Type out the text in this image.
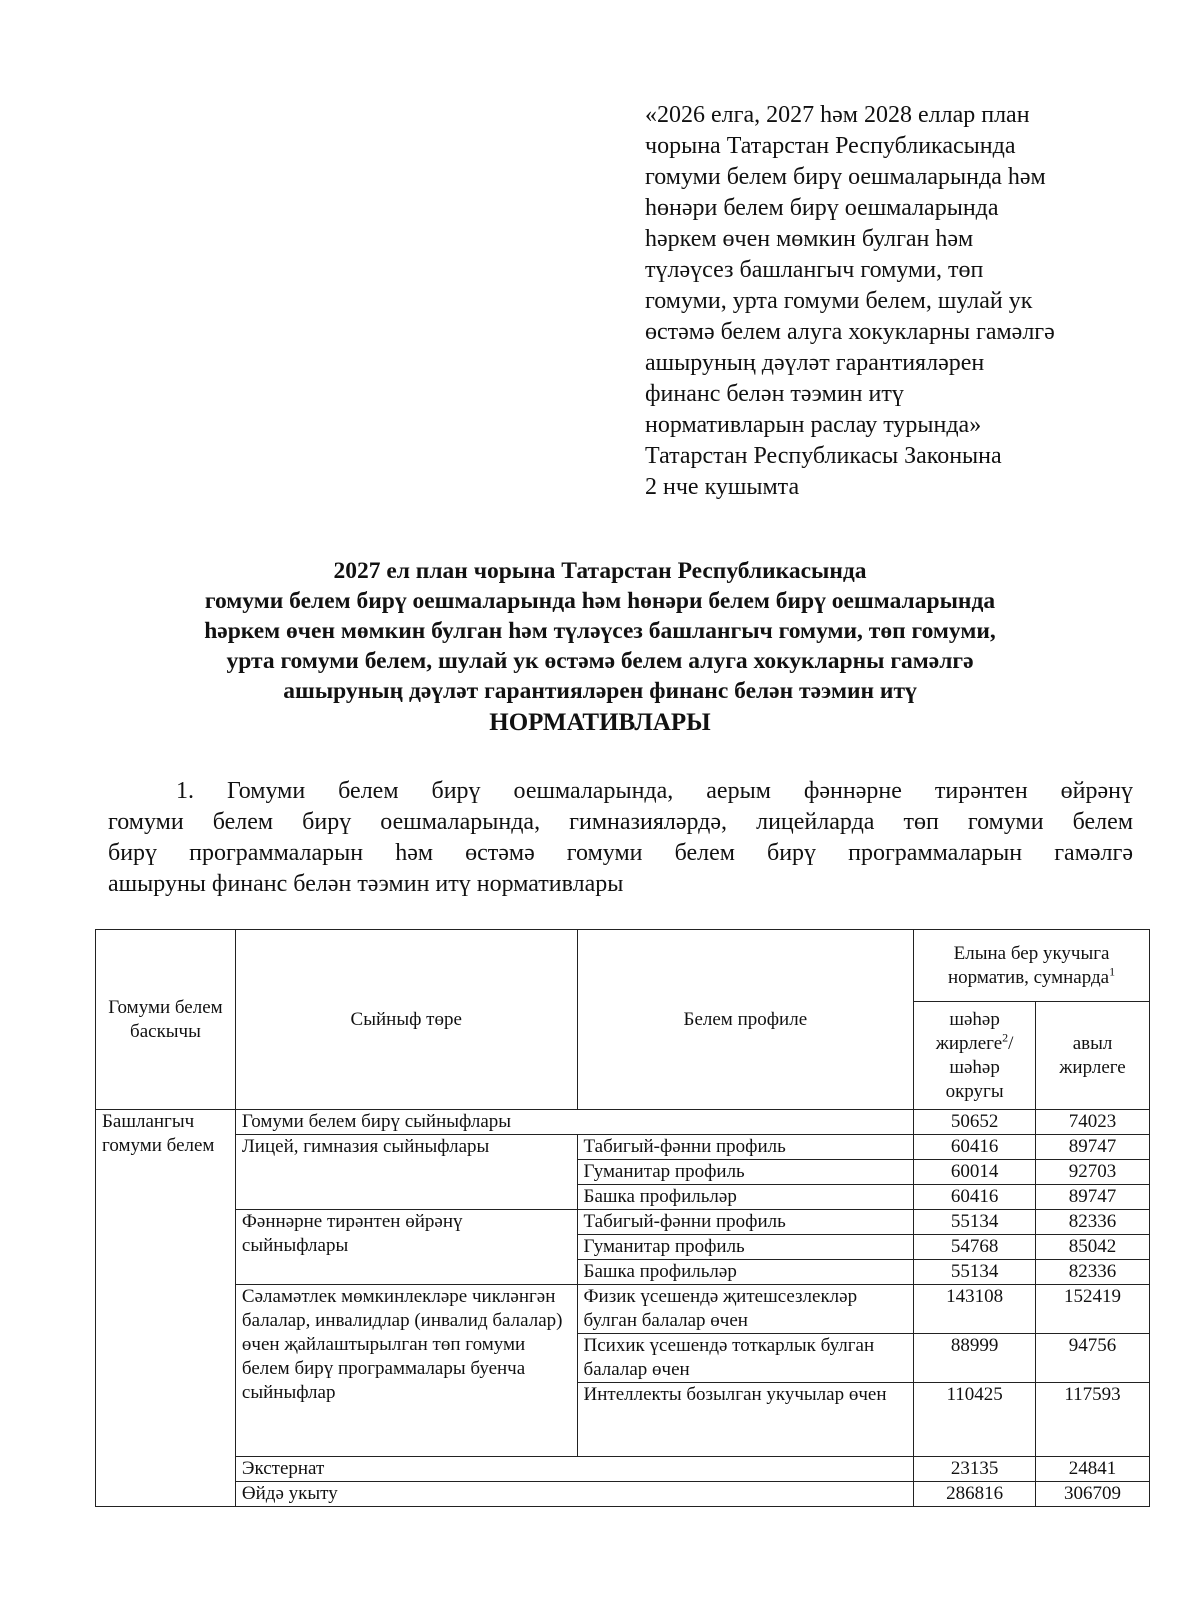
«2026 елга, 2027 һәм 2028 еллар план
чорына Татарстан Республикасында
гомуми белем бирү оешмаларында һәм
һөнәри белем бирү оешмаларында
һәркем өчен мөмкин булган һәм
түләүсез башлангыч гомуми, төп
гомуми, урта гомуми белем, шулай ук
өстәмә белем алуга хокукларны гамәлгә
ашыруның дәүләт гарантияләрен
финанс белән тәэмин итү
нормативларын раслау турында»
Татарстан Республикасы Законына
2 нче кушымта
2027 ел план чорына Татарстан Республикасында
гомуми белем бирү оешмаларында һәм һөнәри белем бирү оешмаларында
һәркем өчен мөмкин булган һәм түләүсез башлангыч гомуми, төп гомуми,
урта гомуми белем, шулай ук өстәмә белем алуга хокукларны гамәлгә
ашыруның дәүләт гарантияләрен финанс белән тәэмин итү
НОРМАТИВЛАРЫ
1. Гомуми белем бирү оешмаларында, аерым фәннәрне тирәнтен өйрәнү
гомуми белем бирү оешмаларында, гимназияләрдә, лицейларда төп гомуми белем
бирү программаларын һәм өстәмә гомуми белем бирү программаларын гамәлгә
ашыруны финанс белән тәэмин итү нормативлары
Гомуми белем баскычы	Сыйныф төре	Белем профиле	Елына бер укучыга норматив, сумнарда$^1$
			шәһәр жирлеге$^2$/ шәһәр округы	авыл жирлеге
Башлангыч гомуми белем	Гомуми белем бирү сыйныфлары		50652	74023
	Лицей, гимназия сыйныфлары	Табигый-фәнни профиль	60416	89747
		Гуманитар профиль	60014	92703
		Башка профильләр	60416	89747
	Фәннәрне тирәнтен өйрәнү сыйныфлары	Табигый-фәнни профиль	55134	82336
		Гуманитар профиль	54768	85042
		Башка профильләр	55134	82336
	Сәламәтлек мөмкинлекләре чикләнгән балалар, инвалидлар (инвалид балалар) өчен җайлаштырылган төп гомуми белем бирү программалары буенча сыйныфлар	Физик үсешендә җитешсезлекләр булган балалар өчен	143108	152419
		Психик үсешендә тоткарлык булган балалар өчен	88999	94756
		Интеллекты бозылган укучылар өчен	110425	117593
	Экстернат		23135	24841
	Өйдә укыту		286816	306709
